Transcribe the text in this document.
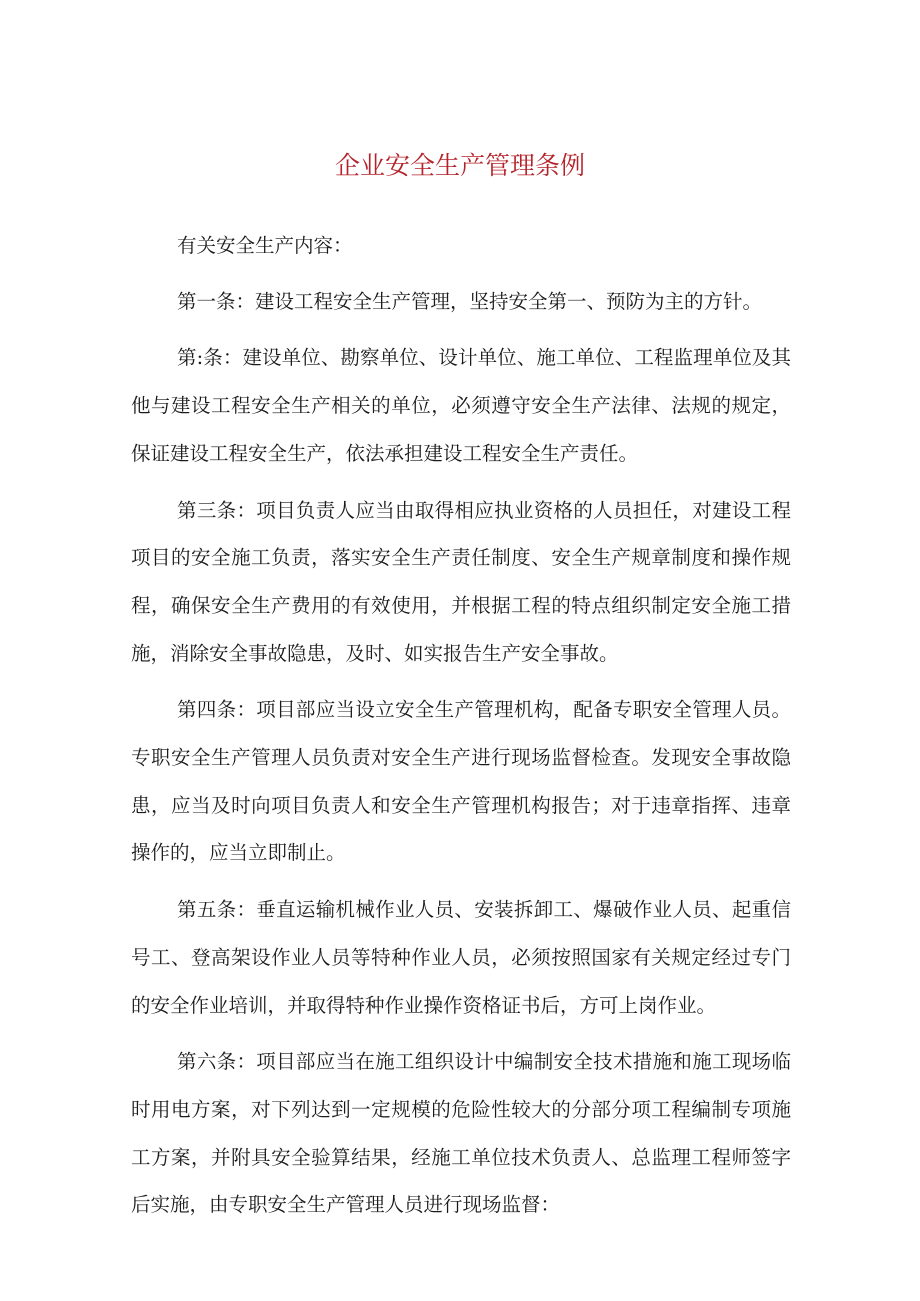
企业安全生产管理条例

有关安全生产内容：

第一条：建设工程安全生产管理，坚持安全第一、预防为主的方针。

第:条：建设单位、勘察单位、设计单位、施工单位、工程监理单位及其他与建设工程安全生产相关的单位，必须遵守安全生产法律、法规的规定，保证建设工程安全生产，依法承担建设工程安全生产责任。

第三条：项目负责人应当由取得相应执业资格的人员担任，对建设工程项目的安全施工负责，落实安全生产责任制度、安全生产规章制度和操作规程，确保安全生产费用的有效使用，并根据工程的特点组织制定安全施工措施，消除安全事故隐患，及时、如实报告生产安全事故。

第四条：项目部应当设立安全生产管理机构，配备专职安全管理人员。专职安全生产管理人员负责对安全生产进行现场监督检查。发现安全事故隐患，应当及时向项目负责人和安全生产管理机构报告；对于违章指挥、违章操作的，应当立即制止。

第五条：垂直运输机械作业人员、安装拆卸工、爆破作业人员、起重信号工、登高架设作业人员等特种作业人员，必须按照国家有关规定经过专门的安全作业培训，并取得特种作业操作资格证书后，方可上岗作业。

第六条：项目部应当在施工组织设计中编制安全技术措施和施工现场临时用电方案，对下列达到一定规模的危险性较大的分部分项工程编制专项施工方案，并附具安全验算结果，经施工单位技术负责人、总监理工程师签字后实施，由专职安全生产管理人员进行现场监督：
